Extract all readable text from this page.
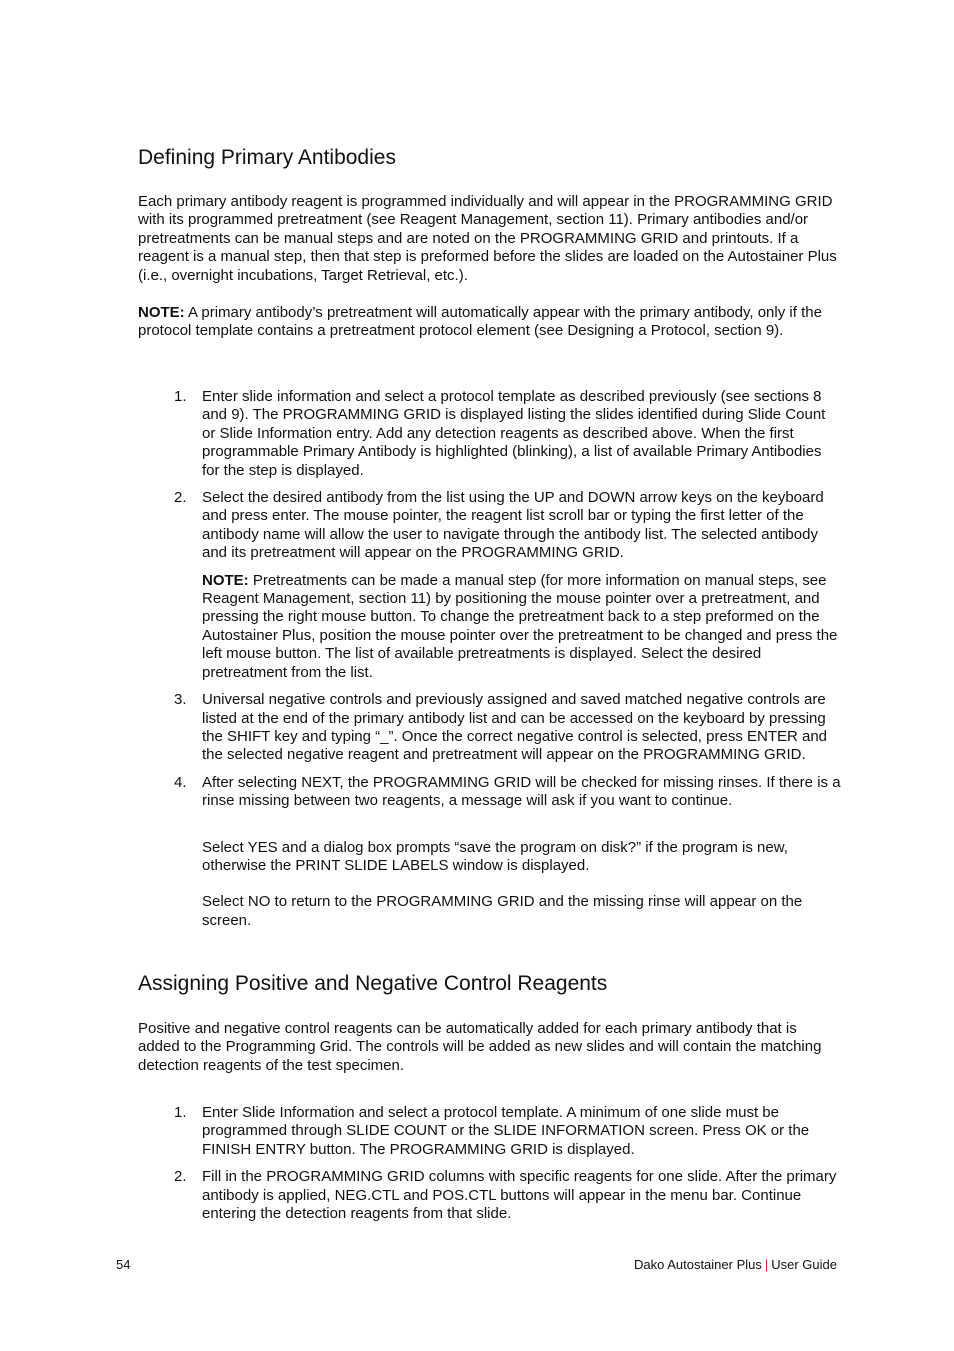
Defining Primary Antibodies

Each primary antibody reagent is programmed individually and will appear in the PROGRAMMING GRID with its programmed pretreatment (see Reagent Management, section 11). Primary antibodies and/or pretreatments can be manual steps and are noted on the PROGRAMMING GRID and printouts. If a reagent is a manual step, then that step is preformed before the slides are loaded on the Autostainer Plus (i.e., overnight incubations, Target Retrieval, etc.).

NOTE: A primary antibody’s pretreatment will automatically appear with the primary antibody, only if the protocol template contains a pretreatment protocol element (see Designing a Protocol, section 9).

1. Enter slide information and select a protocol template as described previously (see sections 8 and 9). The PROGRAMMING GRID is displayed listing the slides identified during Slide Count or Slide Information entry. Add any detection reagents as described above. When the first programmable Primary Antibody is highlighted (blinking), a list of available Primary Antibodies for the step is displayed.
2. Select the desired antibody from the list using the UP and DOWN arrow keys on the keyboard and press enter. The mouse pointer, the reagent list scroll bar or typing the first letter of the antibody name will allow the user to navigate through the antibody list. The selected antibody and its pretreatment will appear on the PROGRAMMING GRID.
NOTE: Pretreatments can be made a manual step (for more information on manual steps, see Reagent Management, section 11) by positioning the mouse pointer over a pretreatment, and pressing the right mouse button. To change the pretreatment back to a step preformed on the Autostainer Plus, position the mouse pointer over the pretreatment to be changed and press the left mouse button. The list of available pretreatments is displayed. Select the desired pretreatment from the list.
3. Universal negative controls and previously assigned and saved matched negative controls are listed at the end of the primary antibody list and can be accessed on the keyboard by pressing the SHIFT key and typing “_”. Once the correct negative control is selected, press ENTER and the selected negative reagent and pretreatment will appear on the PROGRAMMING GRID.
4. After selecting NEXT, the PROGRAMMING GRID will be checked for missing rinses. If there is a rinse missing between two reagents, a message will ask if you want to continue.
Select YES and a dialog box prompts “save the program on disk?” if the program is new, otherwise the PRINT SLIDE LABELS window is displayed.
Select NO to return to the PROGRAMMING GRID and the missing rinse will appear on the screen.
Assigning Positive and Negative Control Reagents

Positive and negative control reagents can be automatically added for each primary antibody that is added to the Programming Grid. The controls will be added as new slides and will contain the matching detection reagents of the test specimen.

1. Enter Slide Information and select a protocol template. A minimum of one slide must be programmed through SLIDE COUNT or the SLIDE INFORMATION screen. Press OK or the FINISH ENTRY button. The PROGRAMMING GRID is displayed.
2. Fill in the PROGRAMMING GRID columns with specific reagents for one slide. After the primary antibody is applied, NEG.CTL and POS.CTL buttons will appear in the menu bar. Continue entering the detection reagents from that slide.
54	Dako Autostainer Plus | User Guide
